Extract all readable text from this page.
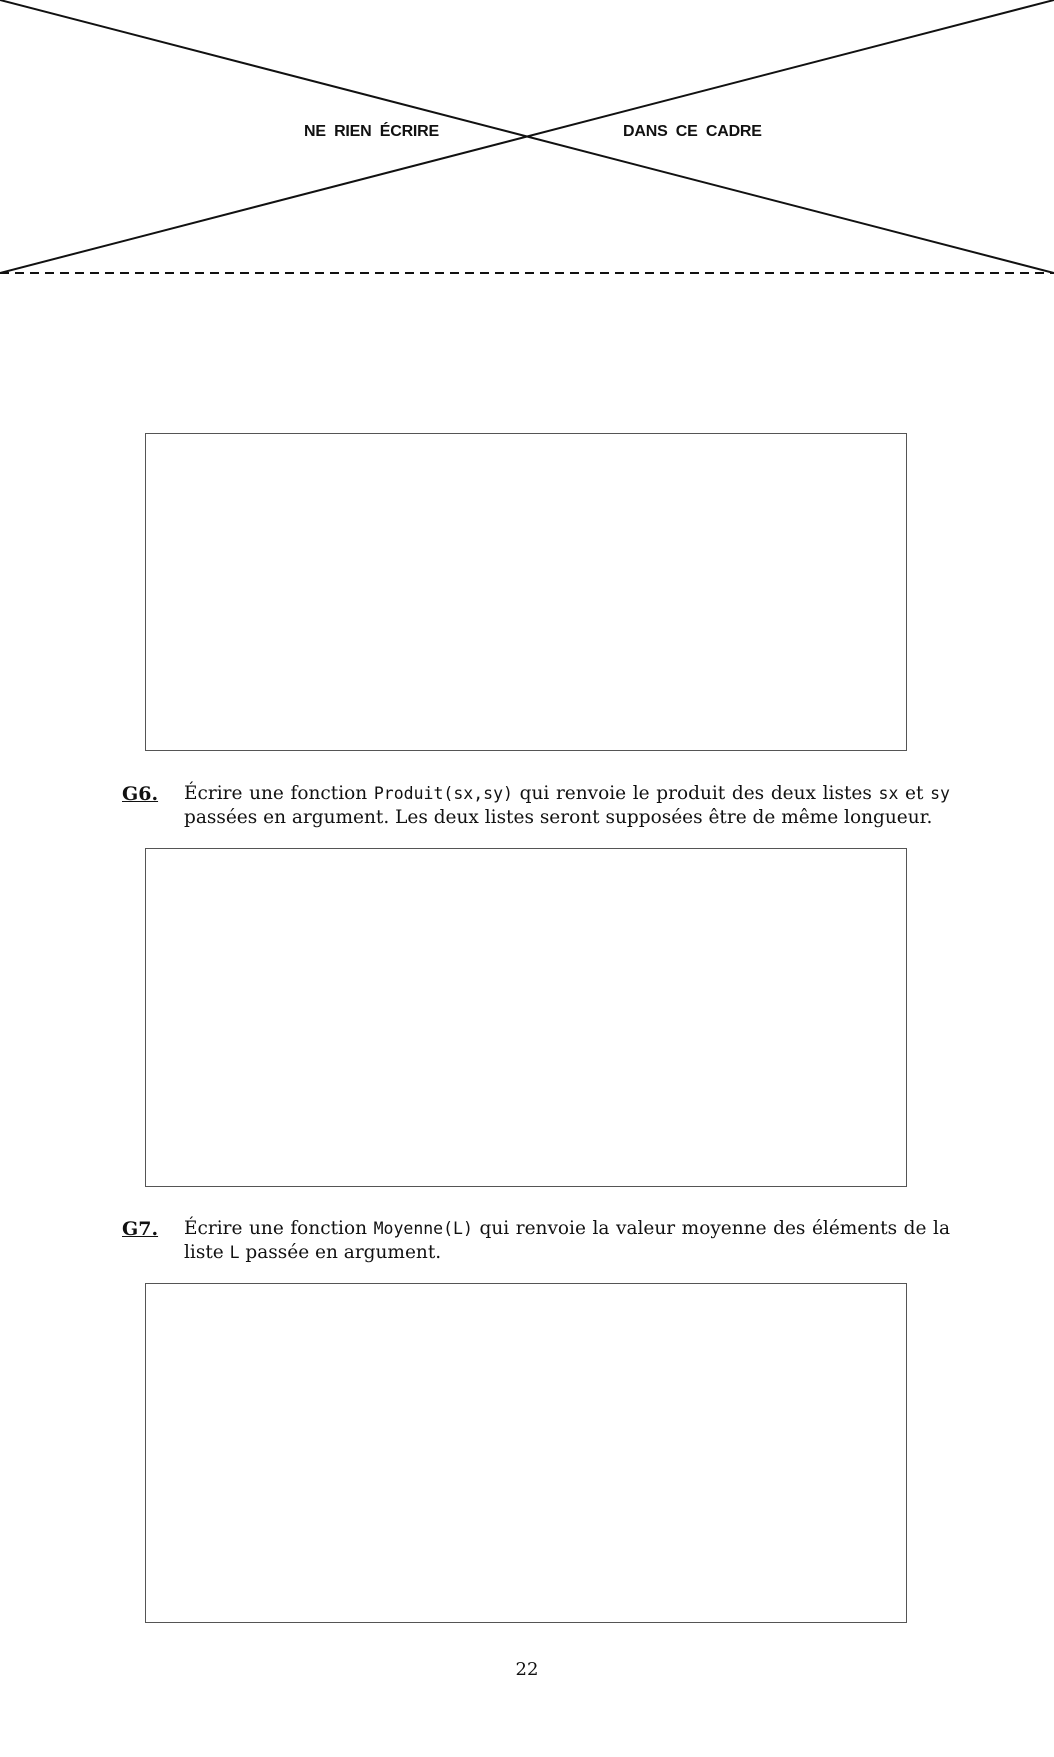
NE RIEN ÉCRIRE	DANS CE CADRE
G6. Écrire une fonction Produit(sx,sy) qui renvoie le produit des deux listes sx et sy passées en argument. Les deux listes seront supposées être de même longueur.
G7. Écrire une fonction Moyenne(L) qui renvoie la valeur moyenne des éléments de la liste L passée en argument.
22
